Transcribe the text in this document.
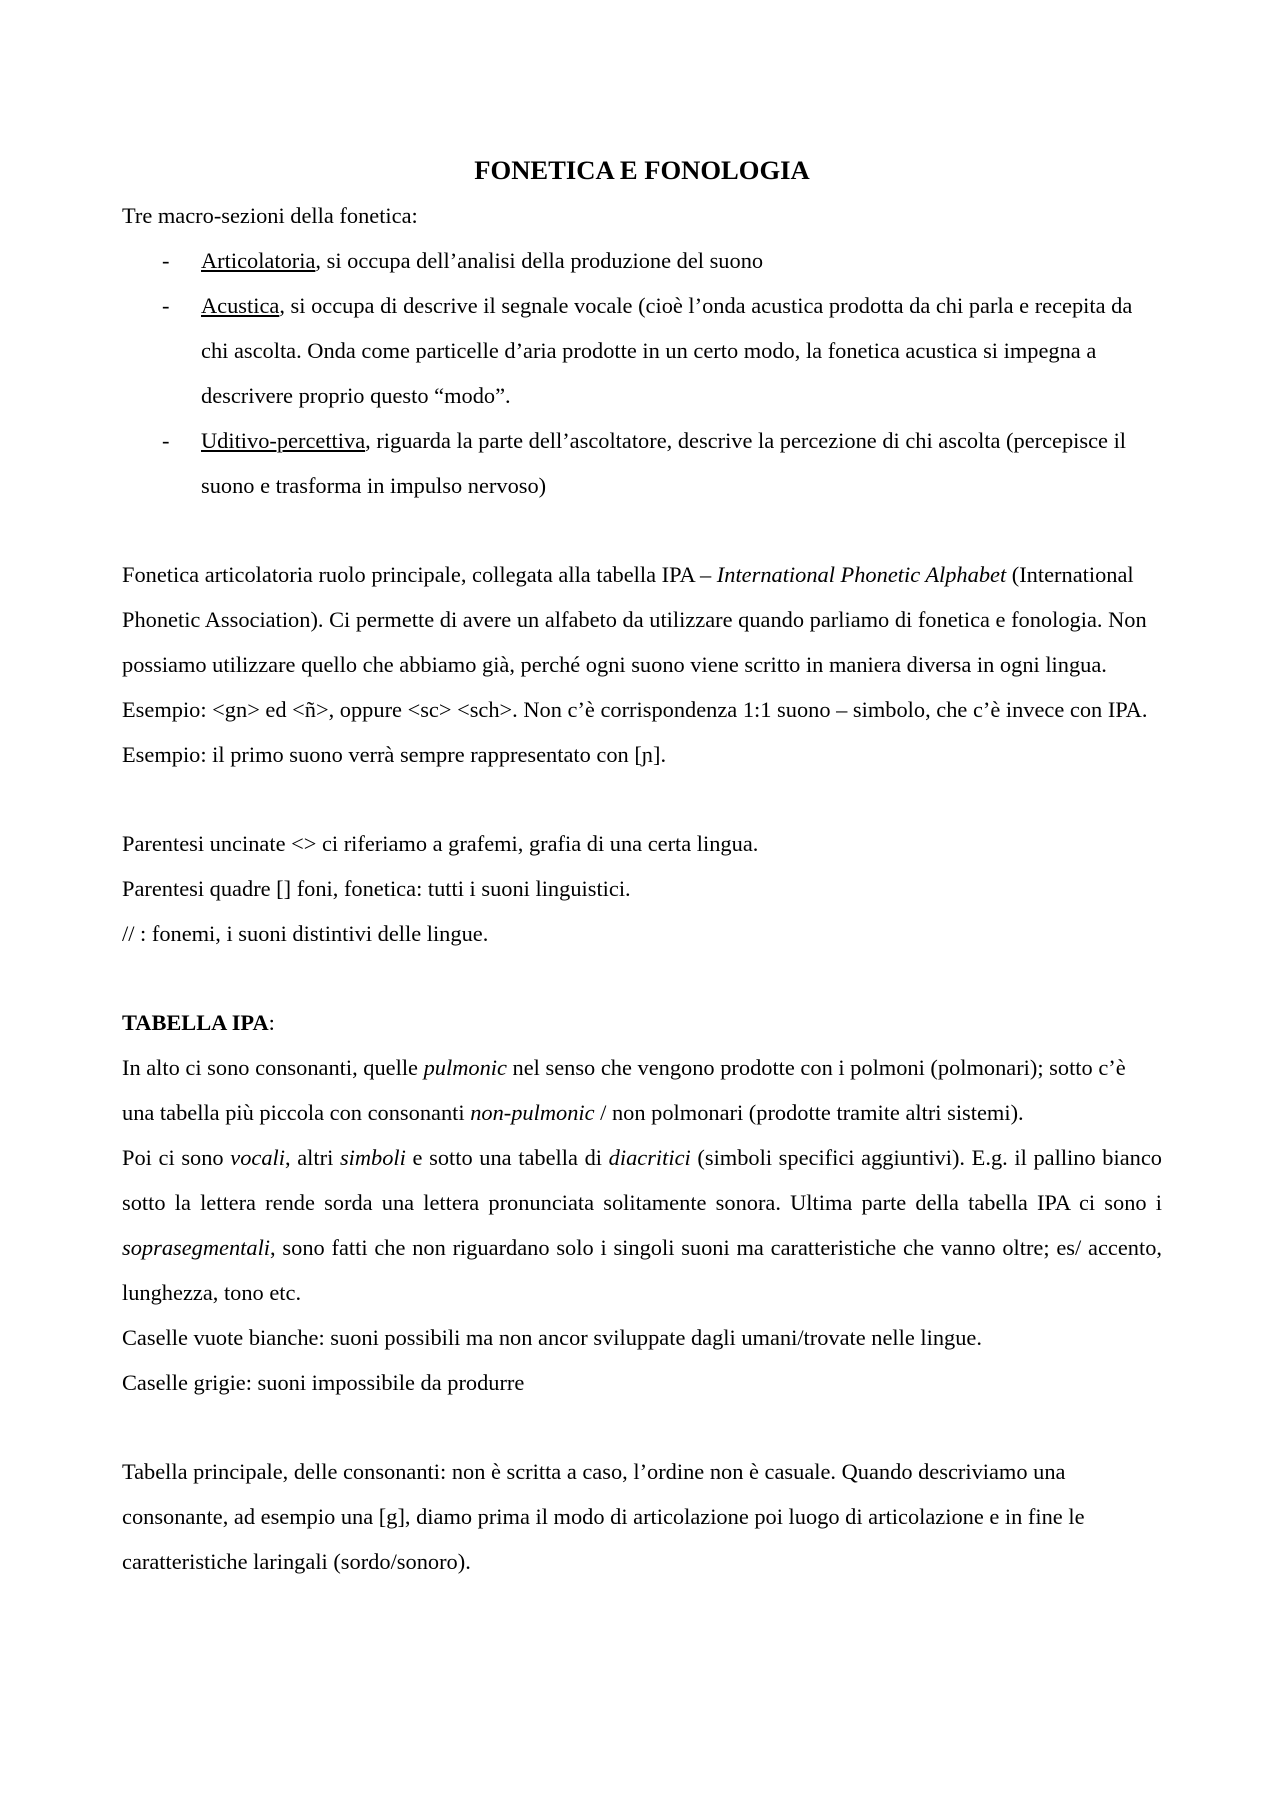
FONETICA E FONOLOGIA

Tre macro-sezioni della fonetica:

- Articolatoria, si occupa dell’analisi della produzione del suono
- Acustica, si occupa di descrive il segnale vocale (cioè l’onda acustica prodotta da chi parla e recepita da chi ascolta. Onda come particelle d’aria prodotte in un certo modo, la fonetica acustica si impegna a descrivere proprio questo “modo”.
- Uditivo-percettiva, riguarda la parte dell’ascoltatore, descrive la percezione di chi ascolta (percepisce il suono e trasforma in impulso nervoso)

Fonetica articolatoria ruolo principale, collegata alla tabella IPA – International Phonetic Alphabet (International Phonetic Association). Ci permette di avere un alfabeto da utilizzare quando parliamo di fonetica e fonologia. Non possiamo utilizzare quello che abbiamo già, perché ogni suono viene scritto in maniera diversa in ogni lingua. Esempio: <gn> ed <ñ>, oppure <sc> <sch>. Non c’è corrispondenza 1:1 suono – simbolo, che c’è invece con IPA. Esempio: il primo suono verrà sempre rappresentato con [ɲ].

Parentesi uncinate <> ci riferiamo a grafemi, grafia di una certa lingua.

Parentesi quadre [] foni, fonetica: tutti i suoni linguistici.

// : fonemi, i suoni distintivi delle lingue.

TABELLA IPA:

In alto ci sono consonanti, quelle pulmonic nel senso che vengono prodotte con i polmoni (polmonari); sotto c’è una tabella più piccola con consonanti non-pulmonic / non polmonari (prodotte tramite altri sistemi).

Poi ci sono vocali, altri simboli e sotto una tabella di diacritici (simboli specifici aggiuntivi). E.g. il pallino bianco sotto la lettera rende sorda una lettera pronunciata solitamente sonora. Ultima parte della tabella IPA ci sono i soprasegmentali, sono fatti che non riguardano solo i singoli suoni ma caratteristiche che vanno oltre; es/ accento, lunghezza, tono etc.

Caselle vuote bianche: suoni possibili ma non ancor sviluppate dagli umani/trovate nelle lingue.

Caselle grigie: suoni impossibile da produrre

Tabella principale, delle consonanti: non è scritta a caso, l’ordine non è casuale. Quando descriviamo una consonante, ad esempio una [g], diamo prima il modo di articolazione poi luogo di articolazione e in fine le caratteristiche laringali (sordo/sonoro).
